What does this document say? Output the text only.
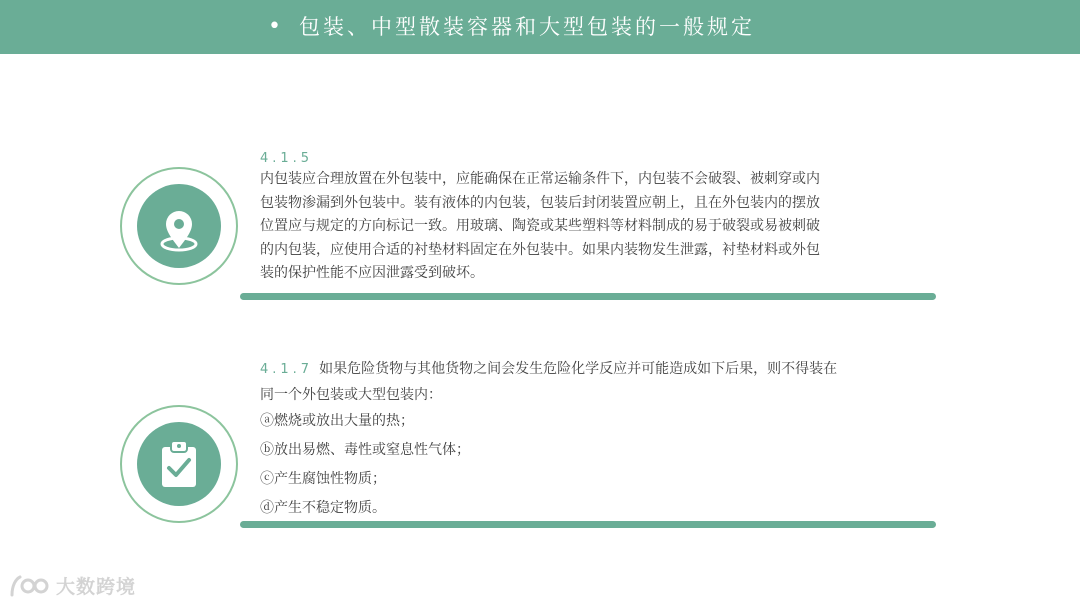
• 包装、中型散装容器和大型包装的一般规定
4.1.5
内包装应合理放置在外包装中，应能确保在正常运输条件下，内包装不会破裂、被刺穿或内
包装物渗漏到外包装中。装有液体的内包装，包装后封闭装置应朝上，且在外包装内的摆放
位置应与规定的方向标记一致。用玻璃、陶瓷或某些塑料等材料制成的易于破裂或易被刺破
的内包装，应使用合适的衬垫材料固定在外包装中。如果内装物发生泄露，衬垫材料或外包
装的保护性能不应因泄露受到破坏。
4.1.7 如果危险货物与其他货物之间会发生危险化学反应并可能造成如下后果，则不得装在
同一个外包装或大型包装内：
ⓐ燃烧或放出大量的热；
ⓑ放出易燃、毒性或窒息性气体；
ⓒ产生腐蚀性物质；
ⓓ产生不稳定物质。
大数跨境
